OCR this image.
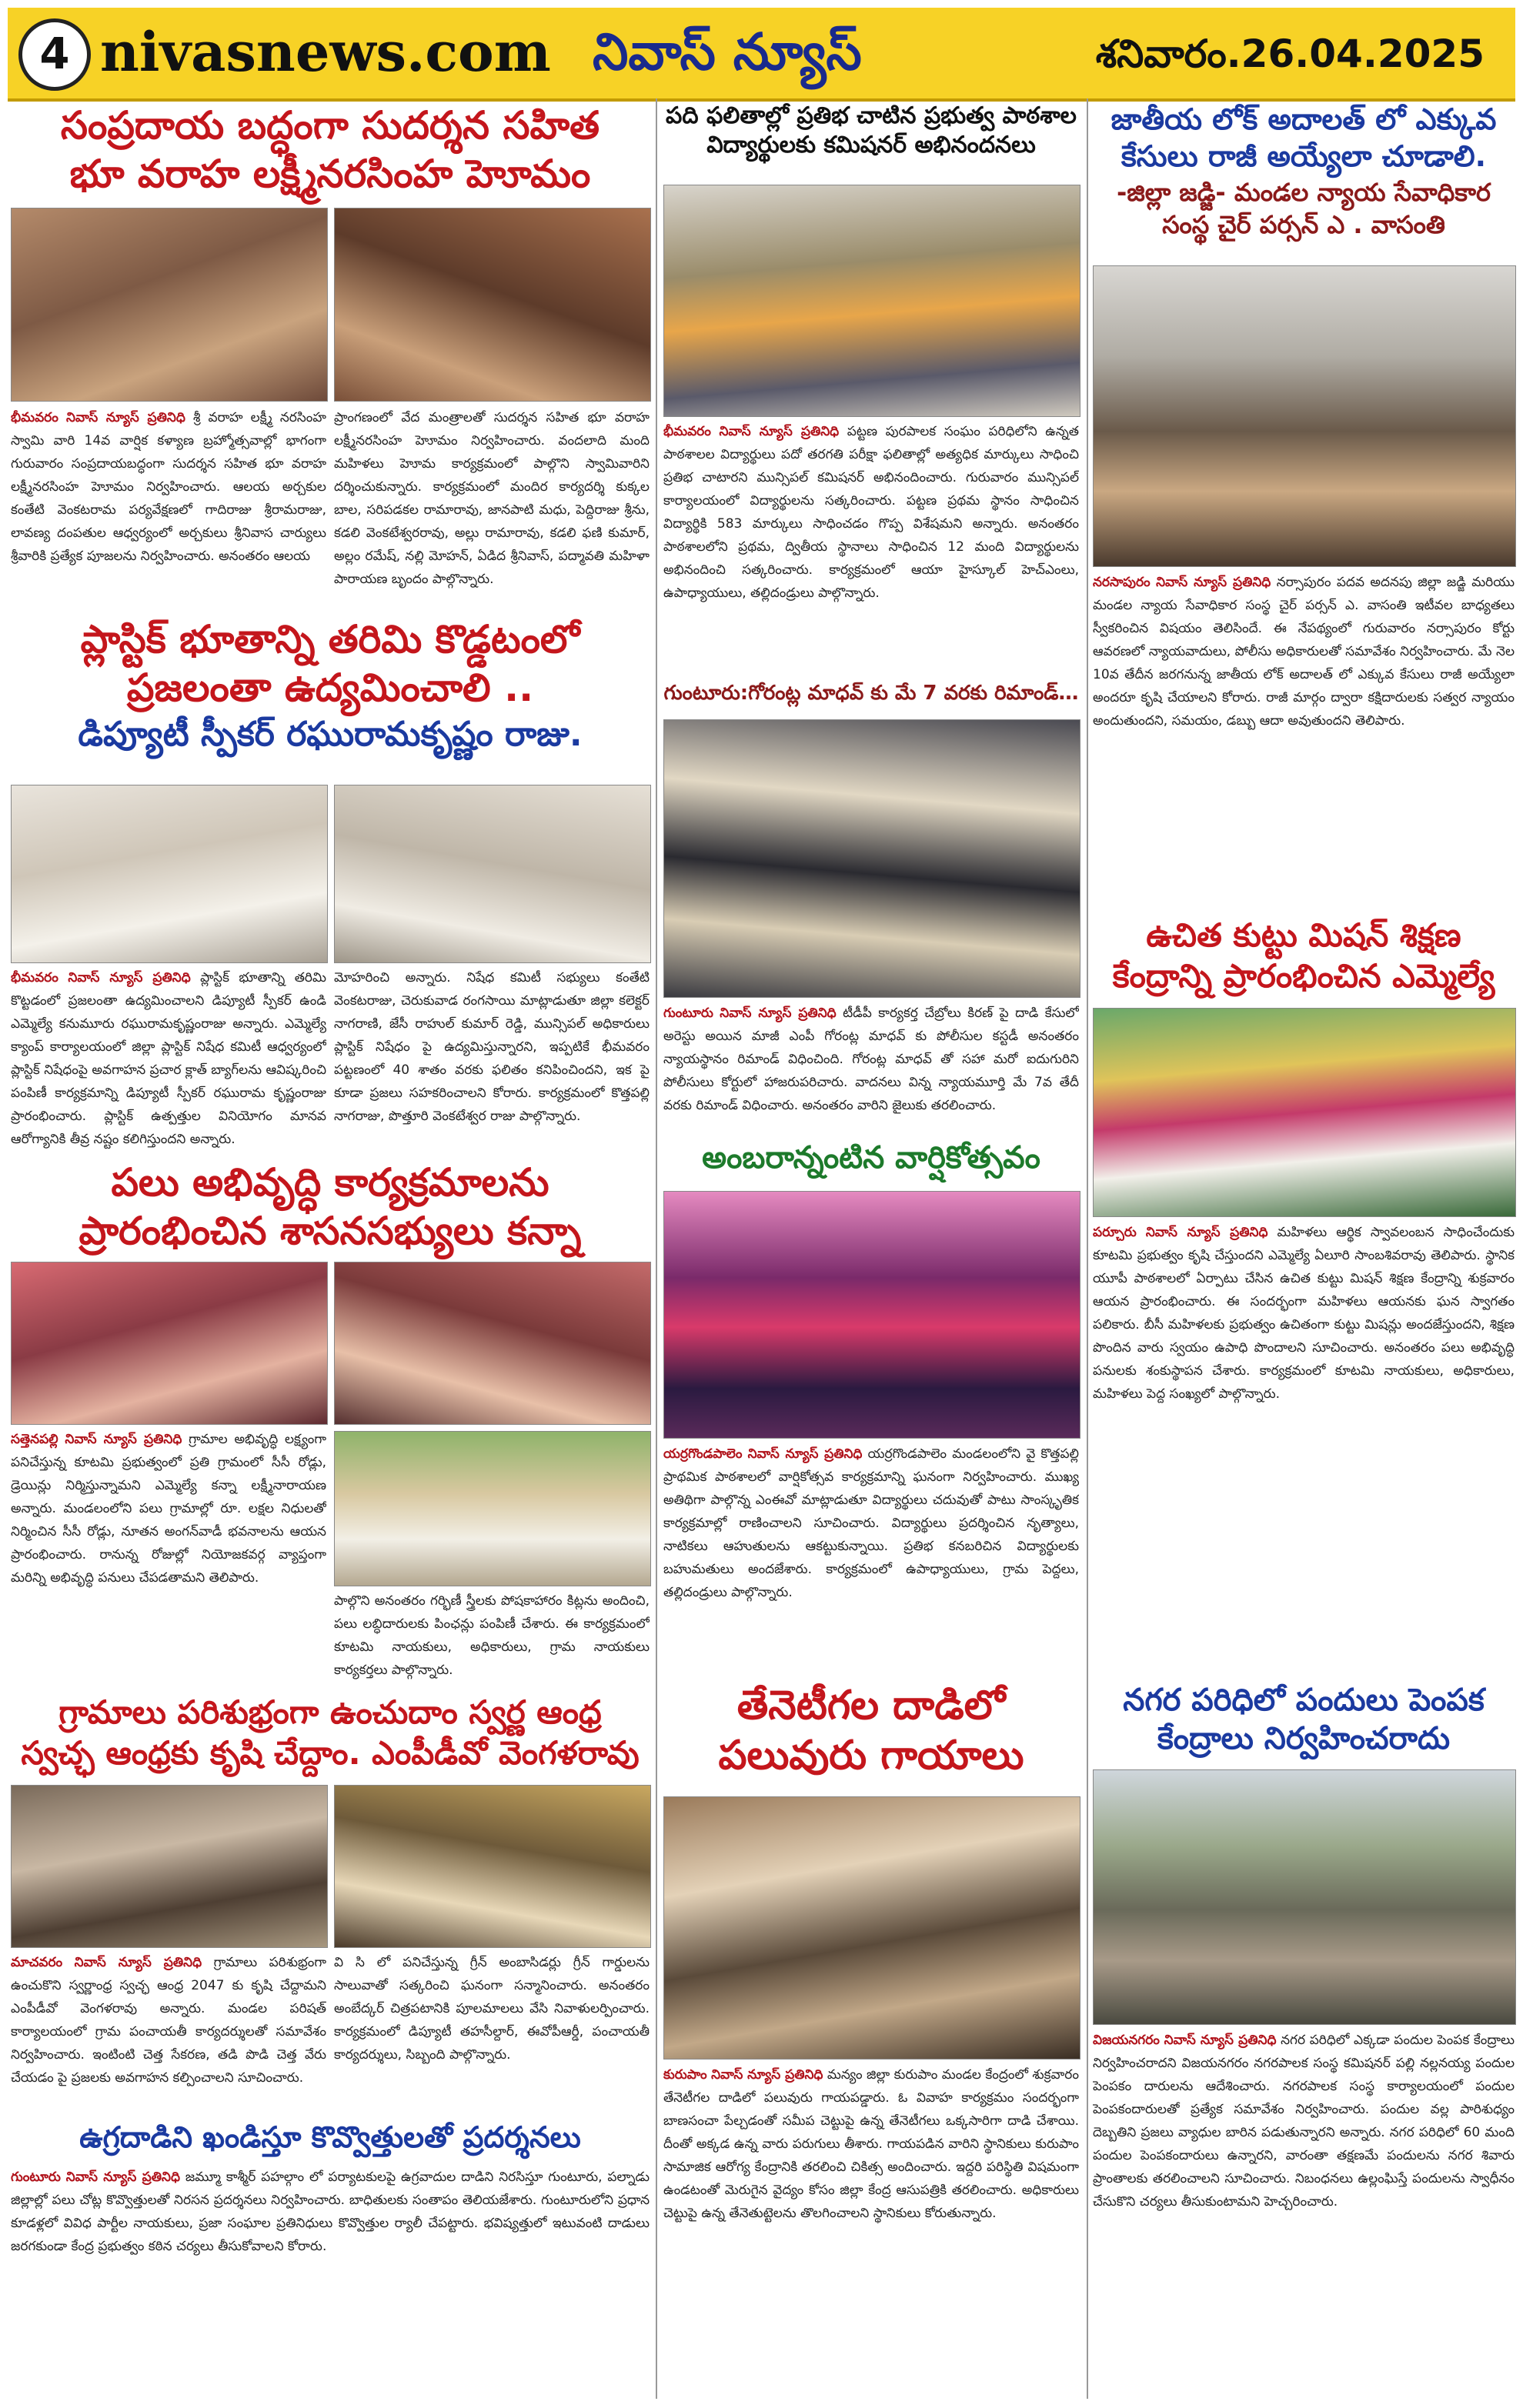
4 nivasnews.com నివాస్ న్యూస్	శనివారం.26.04.2025

సంప్రదాయ బద్ధంగా సుదర్శన సహిత

భూ వరాహ లక్ష్మీనరసింహ హెూమం

భీమవరం నివాస్ న్యూస్ ప్రతినిధి శ్రీ వరాహ లక్ష్మీ నరసింహ స్వామి వారి 14వ వార్షిక కళ్యాణ బ్రహ్మోత్సవాల్లో భాగంగా గురువారం సంప్రదాయబద్ధంగా సుదర్శన సహిత భూ వరాహ లక్ష్మీనరసింహ హెూమం నిర్వహించారు. ఆలయ అర్చకుల కంతేటి వెంకటరామ పర్యవేక్షణలో గాదిరాజు శ్రీరామరాజు, లావణ్య దంపతుల ఆధ్వర్యంలో అర్చకులు శ్రీనివాస చార్యులు శ్రీవారికి ప్రత్యేక పూజలను నిర్వహించారు. అనంతరం ఆలయ
ప్రాంగణంలో వేద మంత్రాలతో సుదర్శన సహిత భూ వరాహ లక్ష్మీనరసింహ హెూమం నిర్వహించారు. వందలాది మంది మహిళలు హెూమ కార్యక్రమంలో పాల్గొని స్వామివారిని దర్శించుకున్నారు. కార్యక్రమంలో మందిర కార్యదర్శి కుక్కల బాల, సరిపడకల రామారావు, జానపాటి మధు, పెద్దిరాజు శ్రీను, కడలి వెంకటేశ్వరరావు, అల్లు రామారావు, కడలి ఫణి కుమార్, అల్లం రమేష్, నల్లి మోహన్, ఏడిద శ్రీనివాస్, పద్మావతి మహిళా పారాయణ బృందం పాల్గొన్నారు.

ప్లాస్టిక్ భూతాన్ని తరిమి కొడ్డటంలో

ప్రజలంతా ఉద్యమించాలి ..

డిప్యూటీ స్పీకర్ రఘురామకృష్ణం రాజు.

భీమవరం నివాస్ న్యూస్ ప్రతినిధి ప్లాస్టిక్ భూతాన్ని తరిమి కొట్టడంలో ప్రజలంతా ఉద్యమించాలని డిప్యూటీ స్పీకర్ ఉండి ఎమ్మెల్యే కనుమూరు రఘురామకృష్ణంరాజు అన్నారు. ఎమ్మెల్యే క్యాంప్ కార్యాలయంలో జిల్లా ప్లాస్టిక్ నిషేధ కమిటీ ఆధ్వర్యంలో ప్లాస్టిక్ నిషేధంపై అవగాహన ప్రచార క్లాత్ బ్యాగ్‌లను ఆవిష్కరించి పంపిణీ కార్యక్రమాన్ని డిప్యూటీ స్పీకర్ రఘురామ కృష్ణంరాజు ప్రారంభించారు. ప్లాస్టిక్ ఉత్పత్తుల వినియోగం మానవ ఆరోగ్యానికి తీవ్ర నష్టం కలిగిస్తుందని అన్నారు.
మోహరించి అన్నారు. నిషేధ కమిటీ సభ్యులు కంతేటి వెంకటరాజు, చెరుకువాడ రంగసాయి మాట్లాడుతూ జిల్లా కలెక్టర్ నాగరాణి, జేసీ రాహుల్ కుమార్ రెడ్డి, మున్సిపల్ అధికారులు ప్లాస్టిక్ నిషేధం పై ఉద్యమిస్తున్నారని, ఇప్పటికే భీమవరం పట్టణంలో 40 శాతం వరకు ఫలితం కనిపించిందని, ఇక పై కూడా ప్రజలు సహకరించాలని కోరారు. కార్యక్రమంలో కొత్తపల్లి నాగరాజు, పొత్తూరి వెంకటేశ్వర రాజు పాల్గొన్నారు.

పలు అభివృద్ధి కార్యక్రమాలను

ప్రారంభించిన శాసనసభ్యులు కన్నా

సత్తెనపల్లి నివాస్ న్యూస్ ప్రతినిధి గ్రామాల అభివృద్ధి లక్ష్యంగా పనిచేస్తున్న కూటమి ప్రభుత్వంలో ప్రతి గ్రామంలో సీసీ రోడ్లు, డ్రెయిన్లు నిర్మిస్తున్నామని ఎమ్మెల్యే కన్నా లక్ష్మీనారాయణ అన్నారు. మండలంలోని పలు గ్రామాల్లో రూ. లక్షల నిధులతో నిర్మించిన సీసీ రోడ్లు, నూతన అంగన్‌వాడీ భవనాలను ఆయన ప్రారంభించారు. రానున్న రోజుల్లో నియోజకవర్గ వ్యాప్తంగా మరిన్ని అభివృద్ధి పనులు చేపడతామని తెలిపారు.
పాల్గొని అనంతరం గర్భిణీ స్త్రీలకు పోషకాహారం కిట్లను అందించి, పలు లబ్ధిదారులకు పింఛన్లు పంపిణీ చేశారు. ఈ కార్యక్రమంలో కూటమి నాయకులు, అధికారులు, గ్రామ నాయకులు కార్యకర్తలు పాల్గొన్నారు.

గ్రామాలు పరిశుభ్రంగా ఉంచుదాం స్వర్ణ ఆంధ్ర

స్వచ్ఛ ఆంధ్రకు కృషి చేద్దాం. ఎంపీడీవో వెంగళరావు

మాచవరం నివాస్ న్యూస్ ప్రతినిధి గ్రామాలు పరిశుభ్రంగా ఉంచుకొని స్వర్ణాంధ్ర స్వచ్ఛ ఆంధ్ర 2047 కు కృషి చేద్దామని ఎంపీడీవో వెంగళరావు అన్నారు. మండల పరిషత్ కార్యాలయంలో గ్రామ పంచాయతీ కార్యదర్శులతో సమావేశం నిర్వహించారు. ఇంటింటి చెత్త సేకరణ, తడి పొడి చెత్త వేరు చేయడం పై ప్రజలకు అవగాహన కల్పించాలని సూచించారు.
వి సి లో పనిచేస్తున్న గ్రీన్ అంబాసిడర్లు గ్రీన్ గార్డులను సాలువాతో సత్కరించి ఘనంగా సన్మానించారు. అనంతరం అంబేద్కర్ చిత్రపటానికి పూలమాలలు వేసి నివాళులర్పించారు. కార్యక్రమంలో డిప్యూటీ తహసీల్దార్, ఈవోపీఆర్డీ, పంచాయతీ కార్యదర్శులు, సిబ్బంది పాల్గొన్నారు.

ఉగ్రదాడిని ఖండిస్తూ కొవ్వొత్తులతో ప్రదర్శనలు

గుంటూరు నివాస్ న్యూస్ ప్రతినిధి జమ్మూ కాశ్మీర్ పహల్గాం లో పర్యాటకులపై ఉగ్రవాదుల దాడిని నిరసిస్తూ గుంటూరు, పల్నాడు జిల్లాల్లో పలు చోట్ల కొవ్వొత్తులతో నిరసన ప్రదర్శనలు నిర్వహించారు. బాధితులకు సంతాపం తెలియజేశారు. గుంటూరులోని ప్రధాన కూడళ్లలో వివిధ పార్టీల నాయకులు, ప్రజా సంఘాల ప్రతినిధులు కొవ్వొత్తుల ర్యాలీ చేపట్టారు. భవిష్యత్తులో ఇటువంటి దాడులు జరగకుండా కేంద్ర ప్రభుత్వం కఠిన చర్యలు తీసుకోవాలని కోరారు.

పది ఫలితాల్లో ప్రతిభ చాటిన ప్రభుత్వ పాఠశాల

విద్యార్థులకు కమిషనర్ అభినందనలు

భీమవరం నివాస్ న్యూస్ ప్రతినిధి పట్టణ పురపాలక సంఘం పరిధిలోని ఉన్నత పాఠశాలల విద్యార్థులు పదో తరగతి పరీక్షా ఫలితాల్లో అత్యధిక మార్కులు సాధించి ప్రతిభ చాటారని మున్సిపల్ కమిషనర్ అభినందించారు. గురువారం మున్సిపల్ కార్యాలయంలో విద్యార్థులను సత్కరించారు. పట్టణ ప్రథమ స్థానం సాధించిన విద్యార్థికి 583 మార్కులు సాధించడం గొప్ప విశేషమని అన్నారు. అనంతరం పాఠశాలలోని ప్రథమ, ద్వితీయ స్థానాలు సాధించిన 12 మంది విద్యార్థులను అభినందించి సత్కరించారు. కార్యక్రమంలో ఆయా హైస్కూల్ హెచ్‌ఎంలు, ఉపాధ్యాయులు, తల్లిదండ్రులు పాల్గొన్నారు.

గుంటూరు:గోరంట్ల మాధవ్ కు మే 7 వరకు రిమాండ్…

గుంటూరు నివాస్ న్యూస్ ప్రతినిధి టీడీపీ కార్యకర్త చేబ్రోలు కిరణ్ పై దాడి కేసులో అరెస్టు అయిన మాజీ ఎంపీ గోరంట్ల మాధవ్ కు పోలీసుల కస్టడీ అనంతరం న్యాయస్థానం రిమాండ్ విధించింది. గోరంట్ల మాధవ్ తో సహా మరో ఐదుగురిని పోలీసులు కోర్టులో హాజరుపరిచారు. వాదనలు విన్న న్యాయమూర్తి మే 7వ తేదీ వరకు రిమాండ్ విధించారు. అనంతరం వారిని జైలుకు తరలించారు.

అంబరాన్నంటిన వార్షికోత్సవం

యర్రగొండపాలెం నివాస్ న్యూస్ ప్రతినిధి యర్రగొండపాలెం మండలంలోని వై కొత్తపల్లి ప్రాథమిక పాఠశాలలో వార్షికోత్సవ కార్యక్రమాన్ని ఘనంగా నిర్వహించారు. ముఖ్య అతిథిగా పాల్గొన్న ఎంఈవో మాట్లాడుతూ విద్యార్థులు చదువుతో పాటు సాంస్కృతిక కార్యక్రమాల్లో రాణించాలని సూచించారు. విద్యార్థులు ప్రదర్శించిన నృత్యాలు, నాటికలు ఆహుతులను ఆకట్టుకున్నాయి. ప్రతిభ కనబరిచిన విద్యార్థులకు బహుమతులు అందజేశారు. కార్యక్రమంలో ఉపాధ్యాయులు, గ్రామ పెద్దలు, తల్లిదండ్రులు పాల్గొన్నారు.

తేనెటీగల దాడిలో

పలువురు గాయాలు

కురుపాం నివాస్ న్యూస్ ప్రతినిధి మన్యం జిల్లా కురుపాం మండల కేంద్రంలో శుక్రవారం తేనెటీగల దాడిలో పలువురు గాయపడ్డారు. ఓ వివాహ కార్యక్రమం సందర్భంగా బాణసంచా పేల్చడంతో సమీప చెట్టుపై ఉన్న తేనెటీగలు ఒక్కసారిగా దాడి చేశాయి. దీంతో అక్కడ ఉన్న వారు పరుగులు తీశారు. గాయపడిన వారిని స్థానికులు కురుపాం సామాజిక ఆరోగ్య కేంద్రానికి తరలించి చికిత్స అందించారు. ఇద్దరి పరిస్థితి విషమంగా ఉండటంతో మెరుగైన వైద్యం కోసం జిల్లా కేంద్ర ఆసుపత్రికి తరలించారు. అధికారులు చెట్టుపై ఉన్న తేనెతుట్టెలను తొలగించాలని స్థానికులు కోరుతున్నారు.

జాతీయ లోక్ అదాలత్ లో ఎక్కువ

కేసులు రాజీ అయ్యేలా చూడాలి.

-జిల్లా జడ్జి- మండల న్యాయ సేవాధికార

సంస్థ చైర్ పర్సన్ ఎ . వాసంతి

నరసాపురం నివాస్ న్యూస్ ప్రతినిధి నర్సాపురం పదవ అదనపు జిల్లా జడ్జి మరియు మండల న్యాయ సేవాధికార సంస్థ చైర్ పర్సన్ ఎ. వాసంతి ఇటీవల బాధ్యతలు స్వీకరించిన విషయం తెలిసిందే. ఈ నేపథ్యంలో గురువారం నర్సాపురం కోర్టు ఆవరణలో న్యాయవాదులు, పోలీసు అధికారులతో సమావేశం నిర్వహించారు. మే నెల 10వ తేదీన జరగనున్న జాతీయ లోక్ అదాలత్ లో ఎక్కువ కేసులు రాజీ అయ్యేలా అందరూ కృషి చేయాలని కోరారు. రాజీ మార్గం ద్వారా కక్షిదారులకు సత్వర న్యాయం అందుతుందని, సమయం, డబ్బు ఆదా అవుతుందని తెలిపారు.

ఉచిత కుట్టు మిషన్ శిక్షణ

కేంద్రాన్ని ప్రారంభించిన ఎమ్మెల్యే

పర్చూరు నివాస్ న్యూస్ ప్రతినిధి మహిళలు ఆర్థిక స్వావలంబన సాధించేందుకు కూటమి ప్రభుత్వం కృషి చేస్తుందని ఎమ్మెల్యే ఏలూరి సాంబశివరావు తెలిపారు. స్థానిక యూపీ పాఠశాలలో ఏర్పాటు చేసిన ఉచిత కుట్టు మిషన్ శిక్షణ కేంద్రాన్ని శుక్రవారం ఆయన ప్రారంభించారు. ఈ సందర్భంగా మహిళలు ఆయనకు ఘన స్వాగతం పలికారు. బీసీ మహిళలకు ప్రభుత్వం ఉచితంగా కుట్టు మిషన్లు అందజేస్తుందని, శిక్షణ పొందిన వారు స్వయం ఉపాధి పొందాలని సూచించారు. అనంతరం పలు అభివృద్ధి పనులకు శంకుస్థాపన చేశారు. కార్యక్రమంలో కూటమి నాయకులు, అధికారులు, మహిళలు పెద్ద సంఖ్యలో పాల్గొన్నారు.

నగర పరిధిలో పందులు పెంపక

కేంద్రాలు నిర్వహించరాదు

విజయనగరం నివాస్ న్యూస్ ప్రతినిధి నగర పరిధిలో ఎక్కడా పందుల పెంపక కేంద్రాలు నిర్వహించరాదని విజయనగరం నగరపాలక సంస్థ కమిషనర్ పల్లి నల్లనయ్య పందుల పెంపకం దారులను ఆదేశించారు. నగరపాలక సంస్థ కార్యాలయంలో పందుల పెంపకందారులతో ప్రత్యేక సమావేశం నిర్వహించారు. పందుల వల్ల పారిశుధ్యం దెబ్బతిని ప్రజలు వ్యాధుల బారిన పడుతున్నారని అన్నారు. నగర పరిధిలో 60 మంది పందుల పెంపకందారులు ఉన్నారని, వారంతా తక్షణమే పందులను నగర శివారు ప్రాంతాలకు తరలించాలని సూచించారు. నిబంధనలు ఉల్లంఘిస్తే పందులను స్వాధీనం చేసుకొని చర్యలు తీసుకుంటామని హెచ్చరించారు.
